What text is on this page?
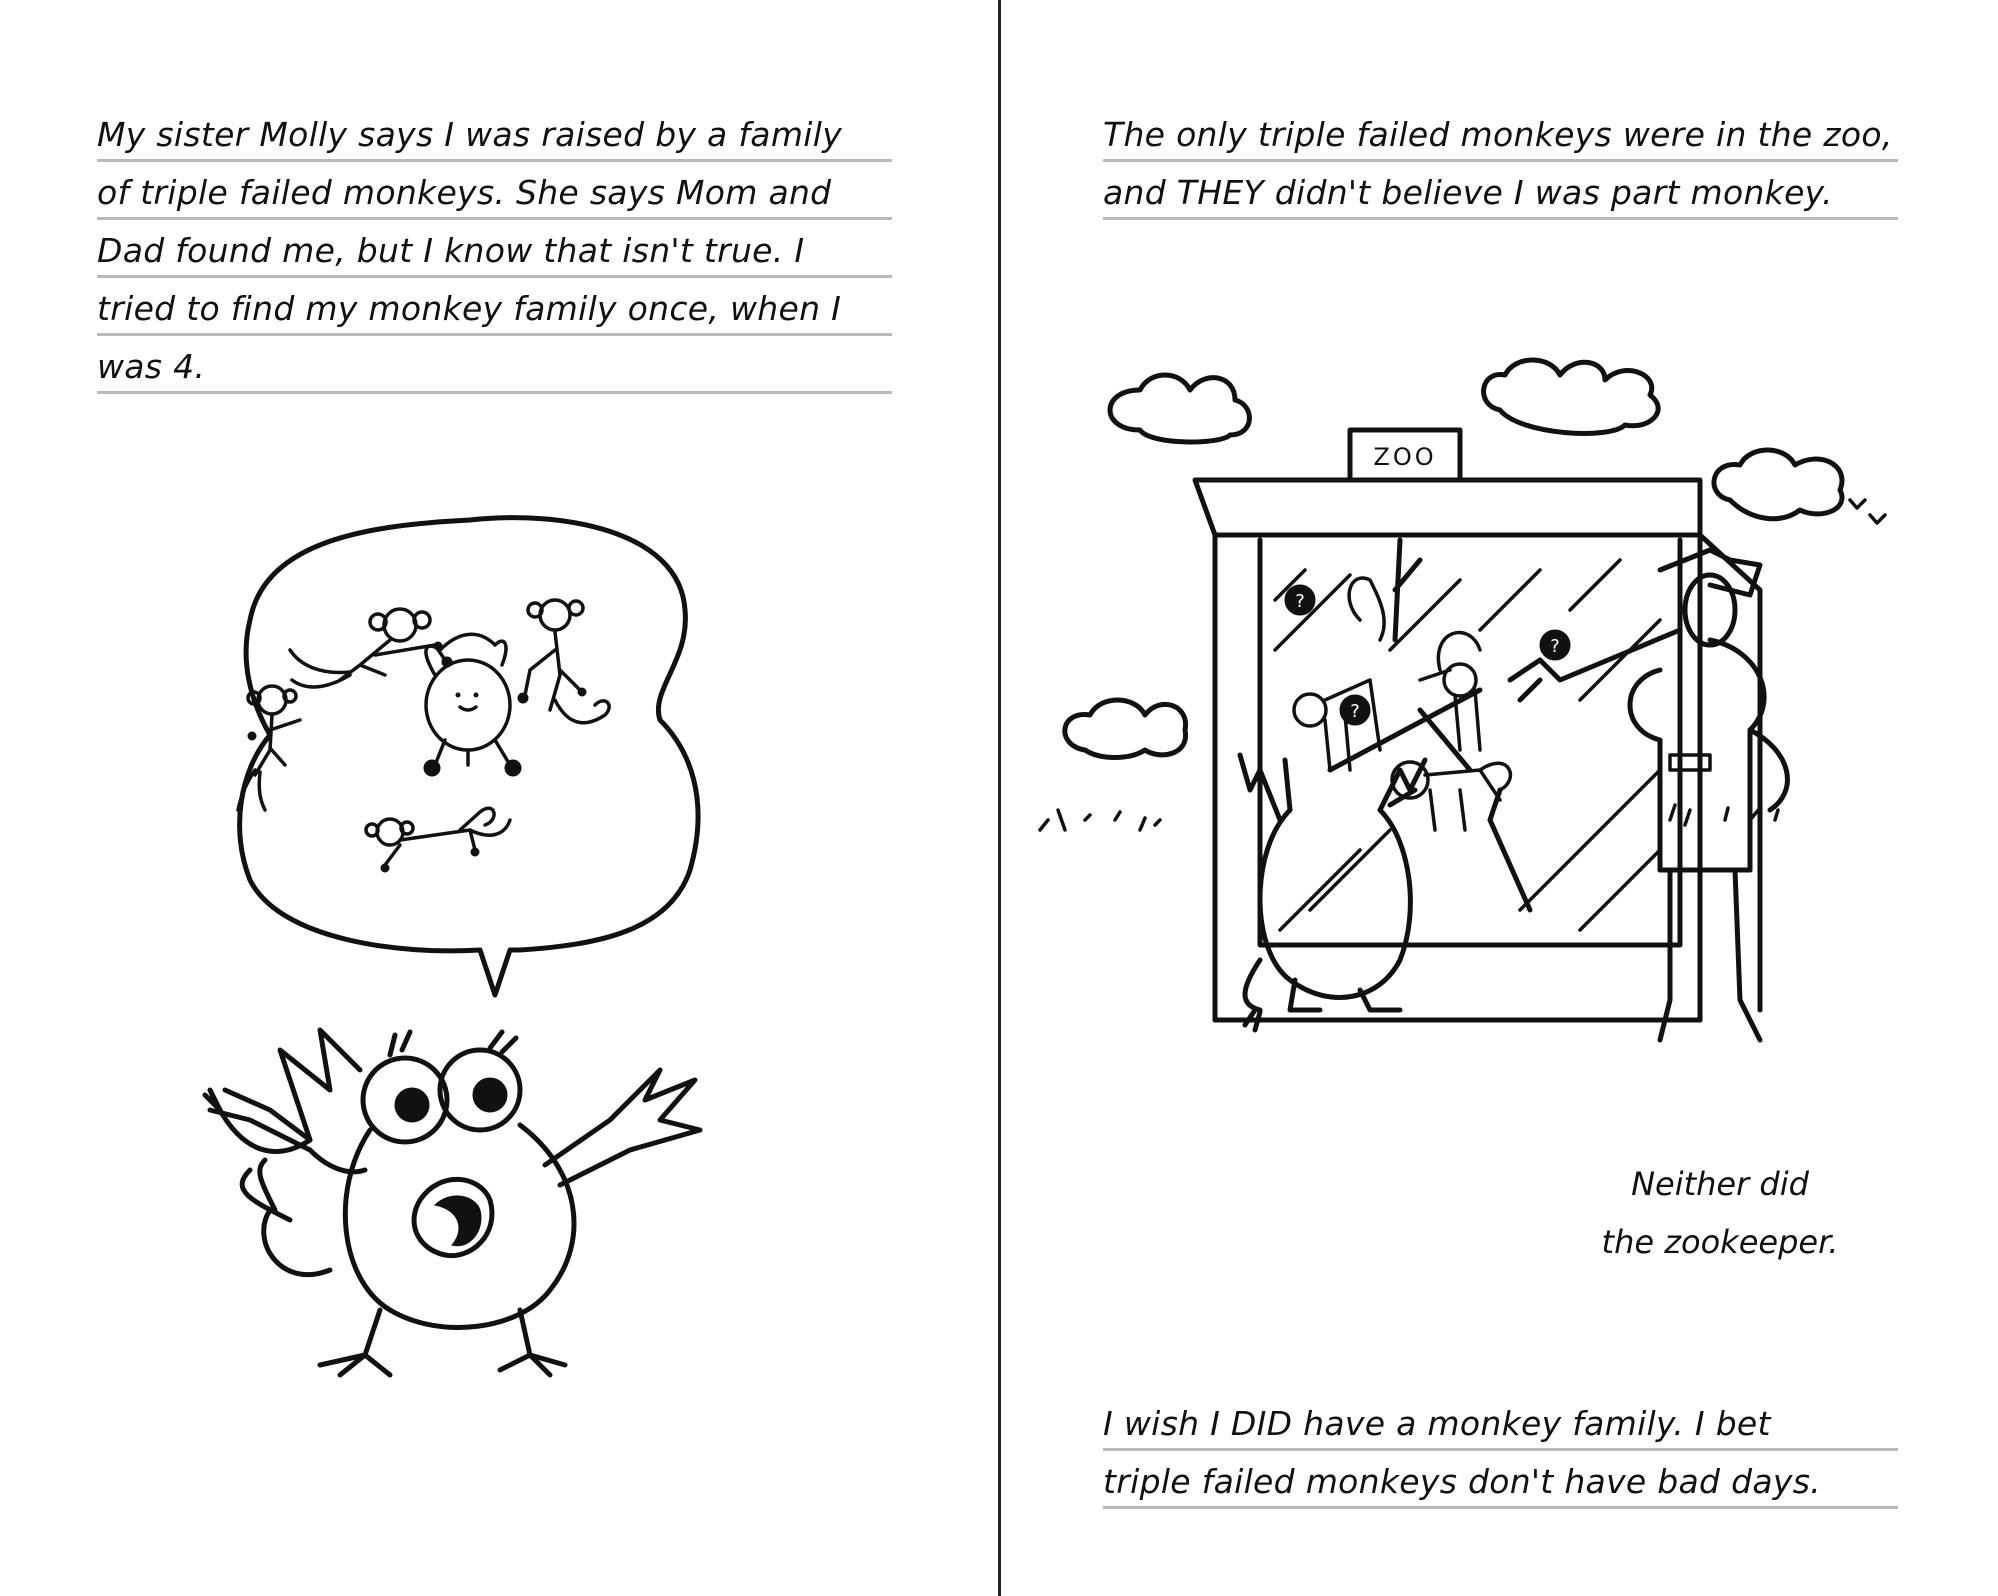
My sister Molly says I was raised by a family
of triple failed monkeys. She says Mom and
Dad found me, but I know that isn't true. I
tried to find my monkey family once, when I
was 4.
The only triple failed monkeys were in the zoo,
and THEY didn't believe I was part monkey.
ZOO
?
?
?
Neither did
the zookeeper.
I wish I DID have a monkey family. I bet
triple failed monkeys don't have bad days.
